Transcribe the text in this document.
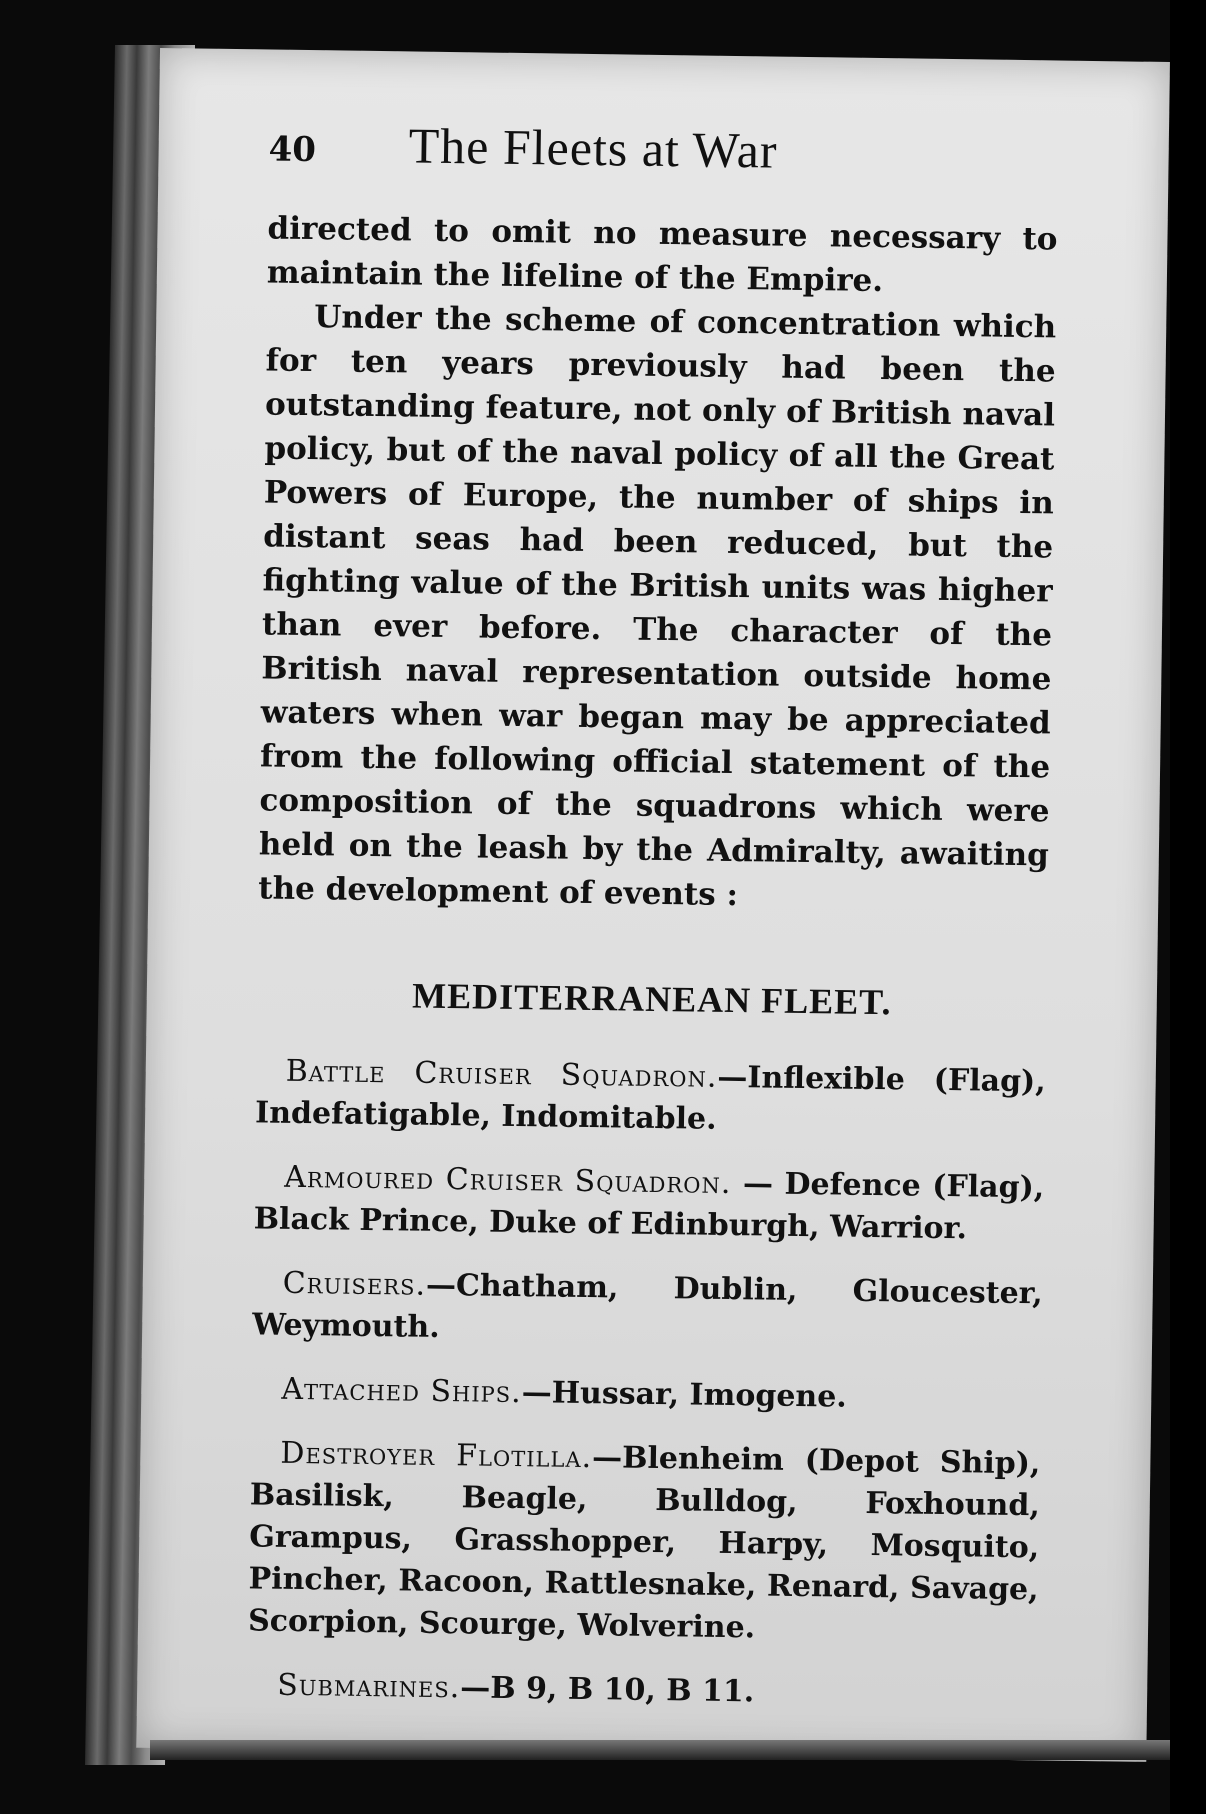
40	The Fleets at War

directed to omit no measure necessary to maintain the lifeline of the Empire.

Under the scheme of concentration which for ten years previously had been the outstanding feature, not only of British naval policy, but of the naval policy of all the Great Powers of Europe, the number of ships in distant seas had been reduced, but the fighting value of the British units was higher than ever before. The character of the British naval representation outside home waters when war began may be appreciated from the following official statement of the composition of the squadrons which were held on the leash by the Admiralty, awaiting the development of events :

MEDITERRANEAN FLEET.

Battle Cruiser Squadron.—Inflexible (Flag), Indefatigable, Indomitable.

Armoured Cruiser Squadron. — Defence (Flag), Black Prince, Duke of Edinburgh, Warrior.

Cruisers.—Chatham, Dublin, Gloucester, Weymouth.

Attached Ships.—Hussar, Imogene.

Destroyer Flotilla.—Blenheim (Depot Ship), Basilisk, Beagle, Bulldog, Foxhound, Grampus, Grasshopper, Harpy, Mosquito, Pincher, Racoon, Rattlesnake, Renard, Savage, Scorpion, Scourge, Wolverine.

Submarines.—B 9, B 10, B 11.
